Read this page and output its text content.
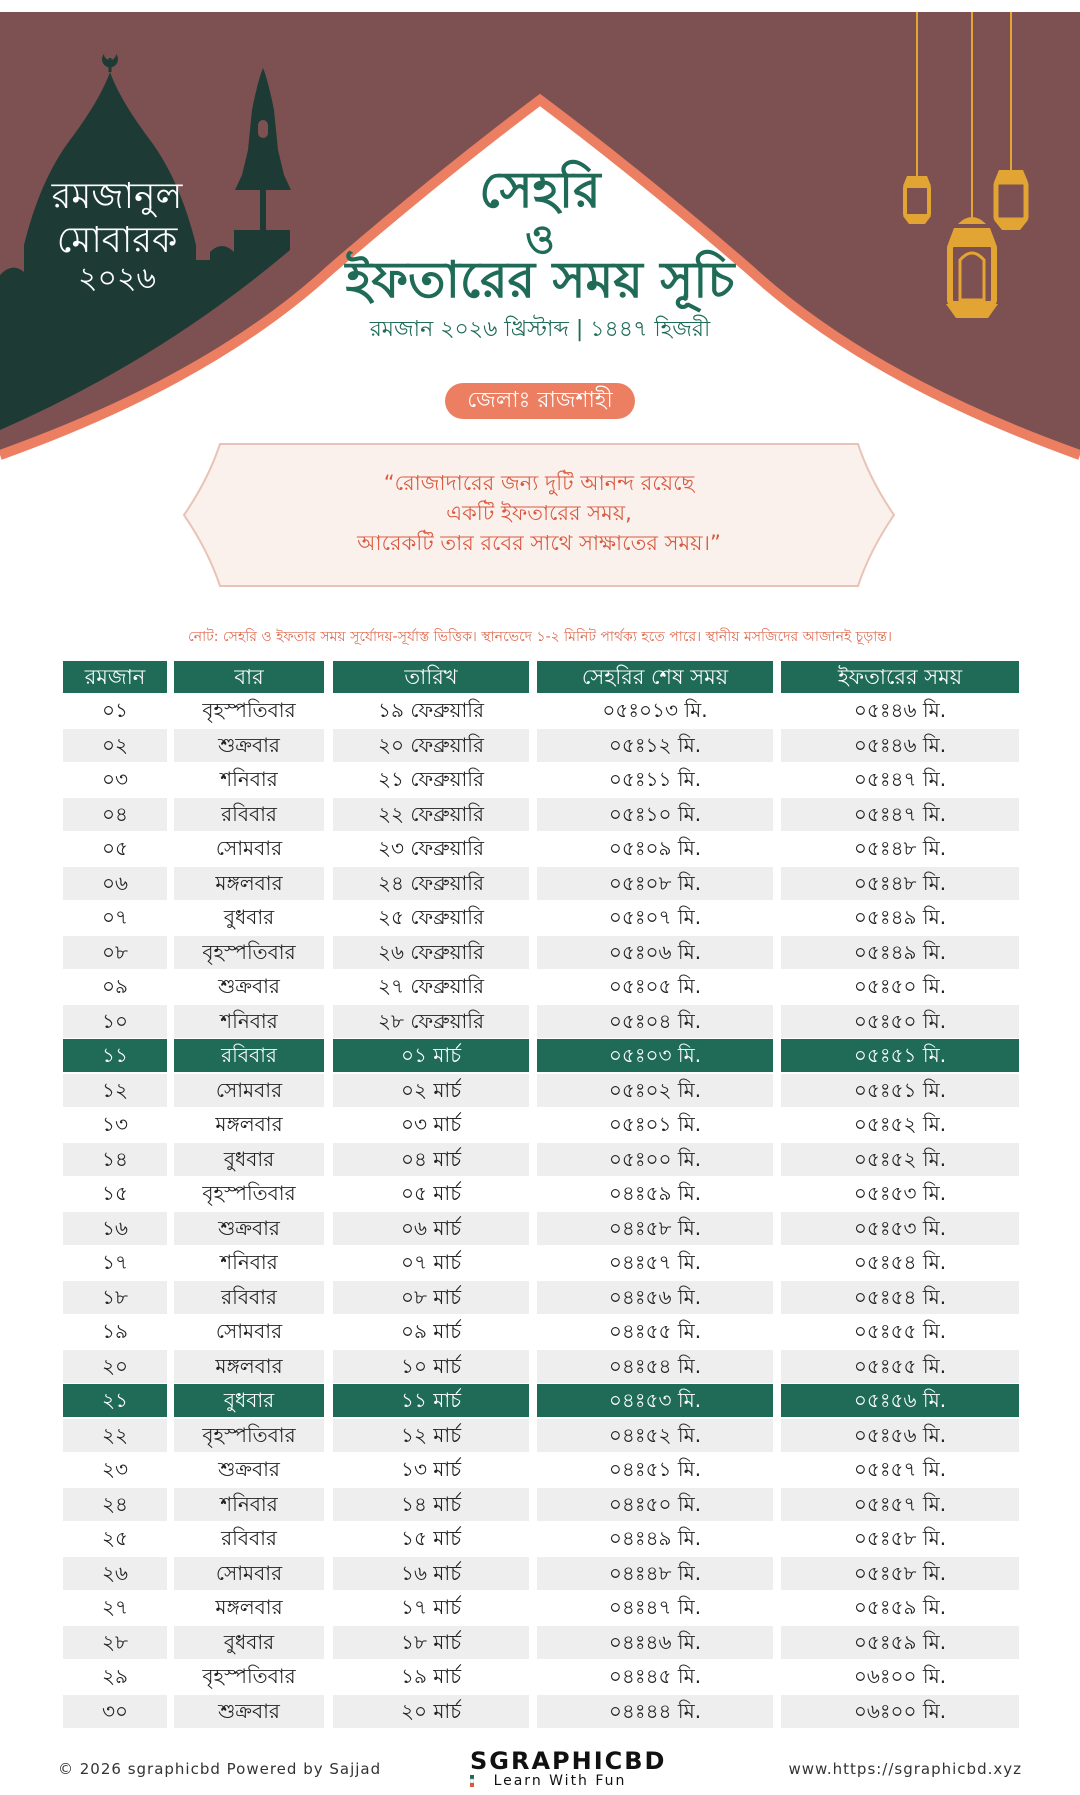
রমজানুল
মোবারক
২০২৬
সেহরি
ও
ইফতারের সময় সূচি
রমজান ২০২৬ খ্রিস্টাব্দ | ১৪৪৭ হিজরী
জেলাঃ রাজশাহী
“রোজাদারের জন্য দুটি আনন্দ রয়েছে
একটি ইফতারের সময়,
আরেকটি তার রবের সাথে সাক্ষাতের সময়।”
নোট: সেহরি ও ইফতার সময় সূর্যোদয়-সূর্যাস্ত ভিত্তিক। স্থানভেদে ১-২ মিনিট পার্থক্য হতে পারে। স্থানীয় মসজিদের আজানই চূড়ান্ত।
রমজান	বার	তারিখ	সেহরির শেষ সময়	ইফতারের সময়
০১	বৃহস্পতিবার	১৯ ফেব্রুয়ারি	০৫ঃ০১৩ মি.	০৫ঃ৪৬ মি.
০২	শুক্রবার	২০ ফেব্রুয়ারি	০৫ঃ১২ মি.	০৫ঃ৪৬ মি.
০৩	শনিবার	২১ ফেব্রুয়ারি	০৫ঃ১১ মি.	০৫ঃ৪৭ মি.
০৪	রবিবার	২২ ফেব্রুয়ারি	০৫ঃ১০ মি.	০৫ঃ৪৭ মি.
০৫	সোমবার	২৩ ফেব্রুয়ারি	০৫ঃ০৯ মি.	০৫ঃ৪৮ মি.
০৬	মঙ্গলবার	২৪ ফেব্রুয়ারি	০৫ঃ০৮ মি.	০৫ঃ৪৮ মি.
০৭	বুধবার	২৫ ফেব্রুয়ারি	০৫ঃ০৭ মি.	০৫ঃ৪৯ মি.
০৮	বৃহস্পতিবার	২৬ ফেব্রুয়ারি	০৫ঃ০৬ মি.	০৫ঃ৪৯ মি.
০৯	শুক্রবার	২৭ ফেব্রুয়ারি	০৫ঃ০৫ মি.	০৫ঃ৫০ মি.
১০	শনিবার	২৮ ফেব্রুয়ারি	০৫ঃ০৪ মি.	০৫ঃ৫০ মি.
১১	রবিবার	০১ মার্চ	০৫ঃ০৩ মি.	০৫ঃ৫১ মি.
১২	সোমবার	০২ মার্চ	০৫ঃ০২ মি.	০৫ঃ৫১ মি.
১৩	মঙ্গলবার	০৩ মার্চ	০৫ঃ০১ মি.	০৫ঃ৫২ মি.
১৪	বুধবার	০৪ মার্চ	০৫ঃ০০ মি.	০৫ঃ৫২ মি.
১৫	বৃহস্পতিবার	০৫ মার্চ	০৪ঃ৫৯ মি.	০৫ঃ৫৩ মি.
১৬	শুক্রবার	০৬ মার্চ	০৪ঃ৫৮ মি.	০৫ঃ৫৩ মি.
১৭	শনিবার	০৭ মার্চ	০৪ঃ৫৭ মি.	০৫ঃ৫৪ মি.
১৮	রবিবার	০৮ মার্চ	০৪ঃ৫৬ মি.	০৫ঃ৫৪ মি.
১৯	সোমবার	০৯ মার্চ	০৪ঃ৫৫ মি.	০৫ঃ৫৫ মি.
২০	মঙ্গলবার	১০ মার্চ	০৪ঃ৫৪ মি.	০৫ঃ৫৫ মি.
২১	বুধবার	১১ মার্চ	০৪ঃ৫৩ মি.	০৫ঃ৫৬ মি.
২২	বৃহস্পতিবার	১২ মার্চ	০৪ঃ৫২ মি.	০৫ঃ৫৬ মি.
২৩	শুক্রবার	১৩ মার্চ	০৪ঃ৫১ মি.	০৫ঃ৫৭ মি.
২৪	শনিবার	১৪ মার্চ	০৪ঃ৫০ মি.	০৫ঃ৫৭ মি.
২৫	রবিবার	১৫ মার্চ	০৪ঃ৪৯ মি.	০৫ঃ৫৮ মি.
২৬	সোমবার	১৬ মার্চ	০৪ঃ৪৮ মি.	০৫ঃ৫৮ মি.
২৭	মঙ্গলবার	১৭ মার্চ	০৪ঃ৪৭ মি.	০৫ঃ৫৯ মি.
২৮	বুধবার	১৮ মার্চ	০৪ঃ৪৬ মি.	০৫ঃ৫৯ মি.
২৯	বৃহস্পতিবার	১৯ মার্চ	০৪ঃ৪৫ মি.	০৬ঃ০০ মি.
৩০	শুক্রবার	২০ মার্চ	০৪ঃ৪৪ মি.	০৬ঃ০০ মি.
© 2026 sgraphicbd Powered by Sajjad	SGRAPHICBD
Learn With Fun
www.https://sgraphicbd.xyz
